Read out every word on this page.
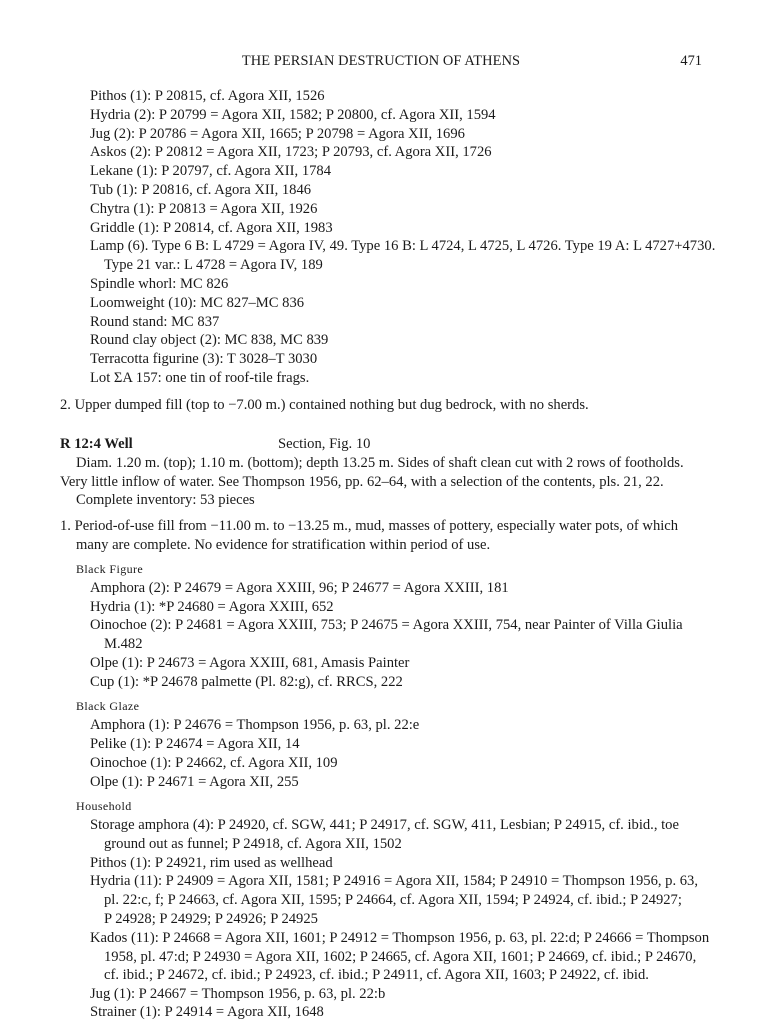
THE PERSIAN DESTRUCTION OF ATHENS	471
Pithos (1): P 20815, cf. Agora XII, 1526
Hydria (2): P 20799 = Agora XII, 1582; P 20800, cf. Agora XII, 1594
Jug (2): P 20786 = Agora XII, 1665; P 20798 = Agora XII, 1696
Askos (2): P 20812 = Agora XII, 1723; P 20793, cf. Agora XII, 1726
Lekane (1): P 20797, cf. Agora XII, 1784
Tub (1): P 20816, cf. Agora XII, 1846
Chytra (1): P 20813 = Agora XII, 1926
Griddle (1): P 20814, cf. Agora XII, 1983
Lamp (6). Type 6 B: L 4729 = Agora IV, 49. Type 16 B: L 4724, L 4725, L 4726. Type 19 A: L 4727+4730.
Type 21 var.: L 4728 = Agora IV, 189
Spindle whorl: MC 826
Loomweight (10): MC 827–MC 836
Round stand: MC 837
Round clay object (2): MC 838, MC 839
Terracotta figurine (3): T 3028–T 3030
Lot ΣΑ 157: one tin of roof-tile frags.
2. Upper dumped fill (top to −7.00 m.) contained nothing but dug bedrock, with no sherds.
R 12:4 Well	Section, Fig. 10
Diam. 1.20 m. (top); 1.10 m. (bottom); depth 13.25 m. Sides of shaft clean cut with 2 rows of footholds.
Very little inflow of water. See Thompson 1956, pp. 62–64, with a selection of the contents, pls. 21, 22.
Complete inventory: 53 pieces
1. Period-of-use fill from −11.00 m. to −13.25 m., mud, masses of pottery, especially water pots, of which
many are complete. No evidence for stratification within period of use.
Black Figure
Amphora (2): P 24679 = Agora XXIII, 96; P 24677 = Agora XXIII, 181
Hydria (1): *P 24680 = Agora XXIII, 652
Oinochoe (2): P 24681 = Agora XXIII, 753; P 24675 = Agora XXIII, 754, near Painter of Villa Giulia
M.482
Olpe (1): P 24673 = Agora XXIII, 681, Amasis Painter
Cup (1): *P 24678 palmette (Pl. 82:g), cf. RRCS, 222
Black Glaze
Amphora (1): P 24676 = Thompson 1956, p. 63, pl. 22:e
Pelike (1): P 24674 = Agora XII, 14
Oinochoe (1): P 24662, cf. Agora XII, 109
Olpe (1): P 24671 = Agora XII, 255
Household
Storage amphora (4): P 24920, cf. SGW, 441; P 24917, cf. SGW, 411, Lesbian; P 24915, cf. ibid., toe
ground out as funnel; P 24918, cf. Agora XII, 1502
Pithos (1): P 24921, rim used as wellhead
Hydria (11): P 24909 = Agora XII, 1581; P 24916 = Agora XII, 1584; P 24910 = Thompson 1956, p. 63,
pl. 22:c, f; P 24663, cf. Agora XII, 1595; P 24664, cf. Agora XII, 1594; P 24924, cf. ibid.; P 24927;
P 24928; P 24929; P 24926; P 24925
Kados (11): P 24668 = Agora XII, 1601; P 24912 = Thompson 1956, p. 63, pl. 22:d; P 24666 = Thompson
1958, pl. 47:d; P 24930 = Agora XII, 1602; P 24665, cf. Agora XII, 1601; P 24669, cf. ibid.; P 24670,
cf. ibid.; P 24672, cf. ibid.; P 24923, cf. ibid.; P 24911, cf. Agora XII, 1603; P 24922, cf. ibid.
Jug (1): P 24667 = Thompson 1956, p. 63, pl. 22:b
Strainer (1): P 24914 = Agora XII, 1648
